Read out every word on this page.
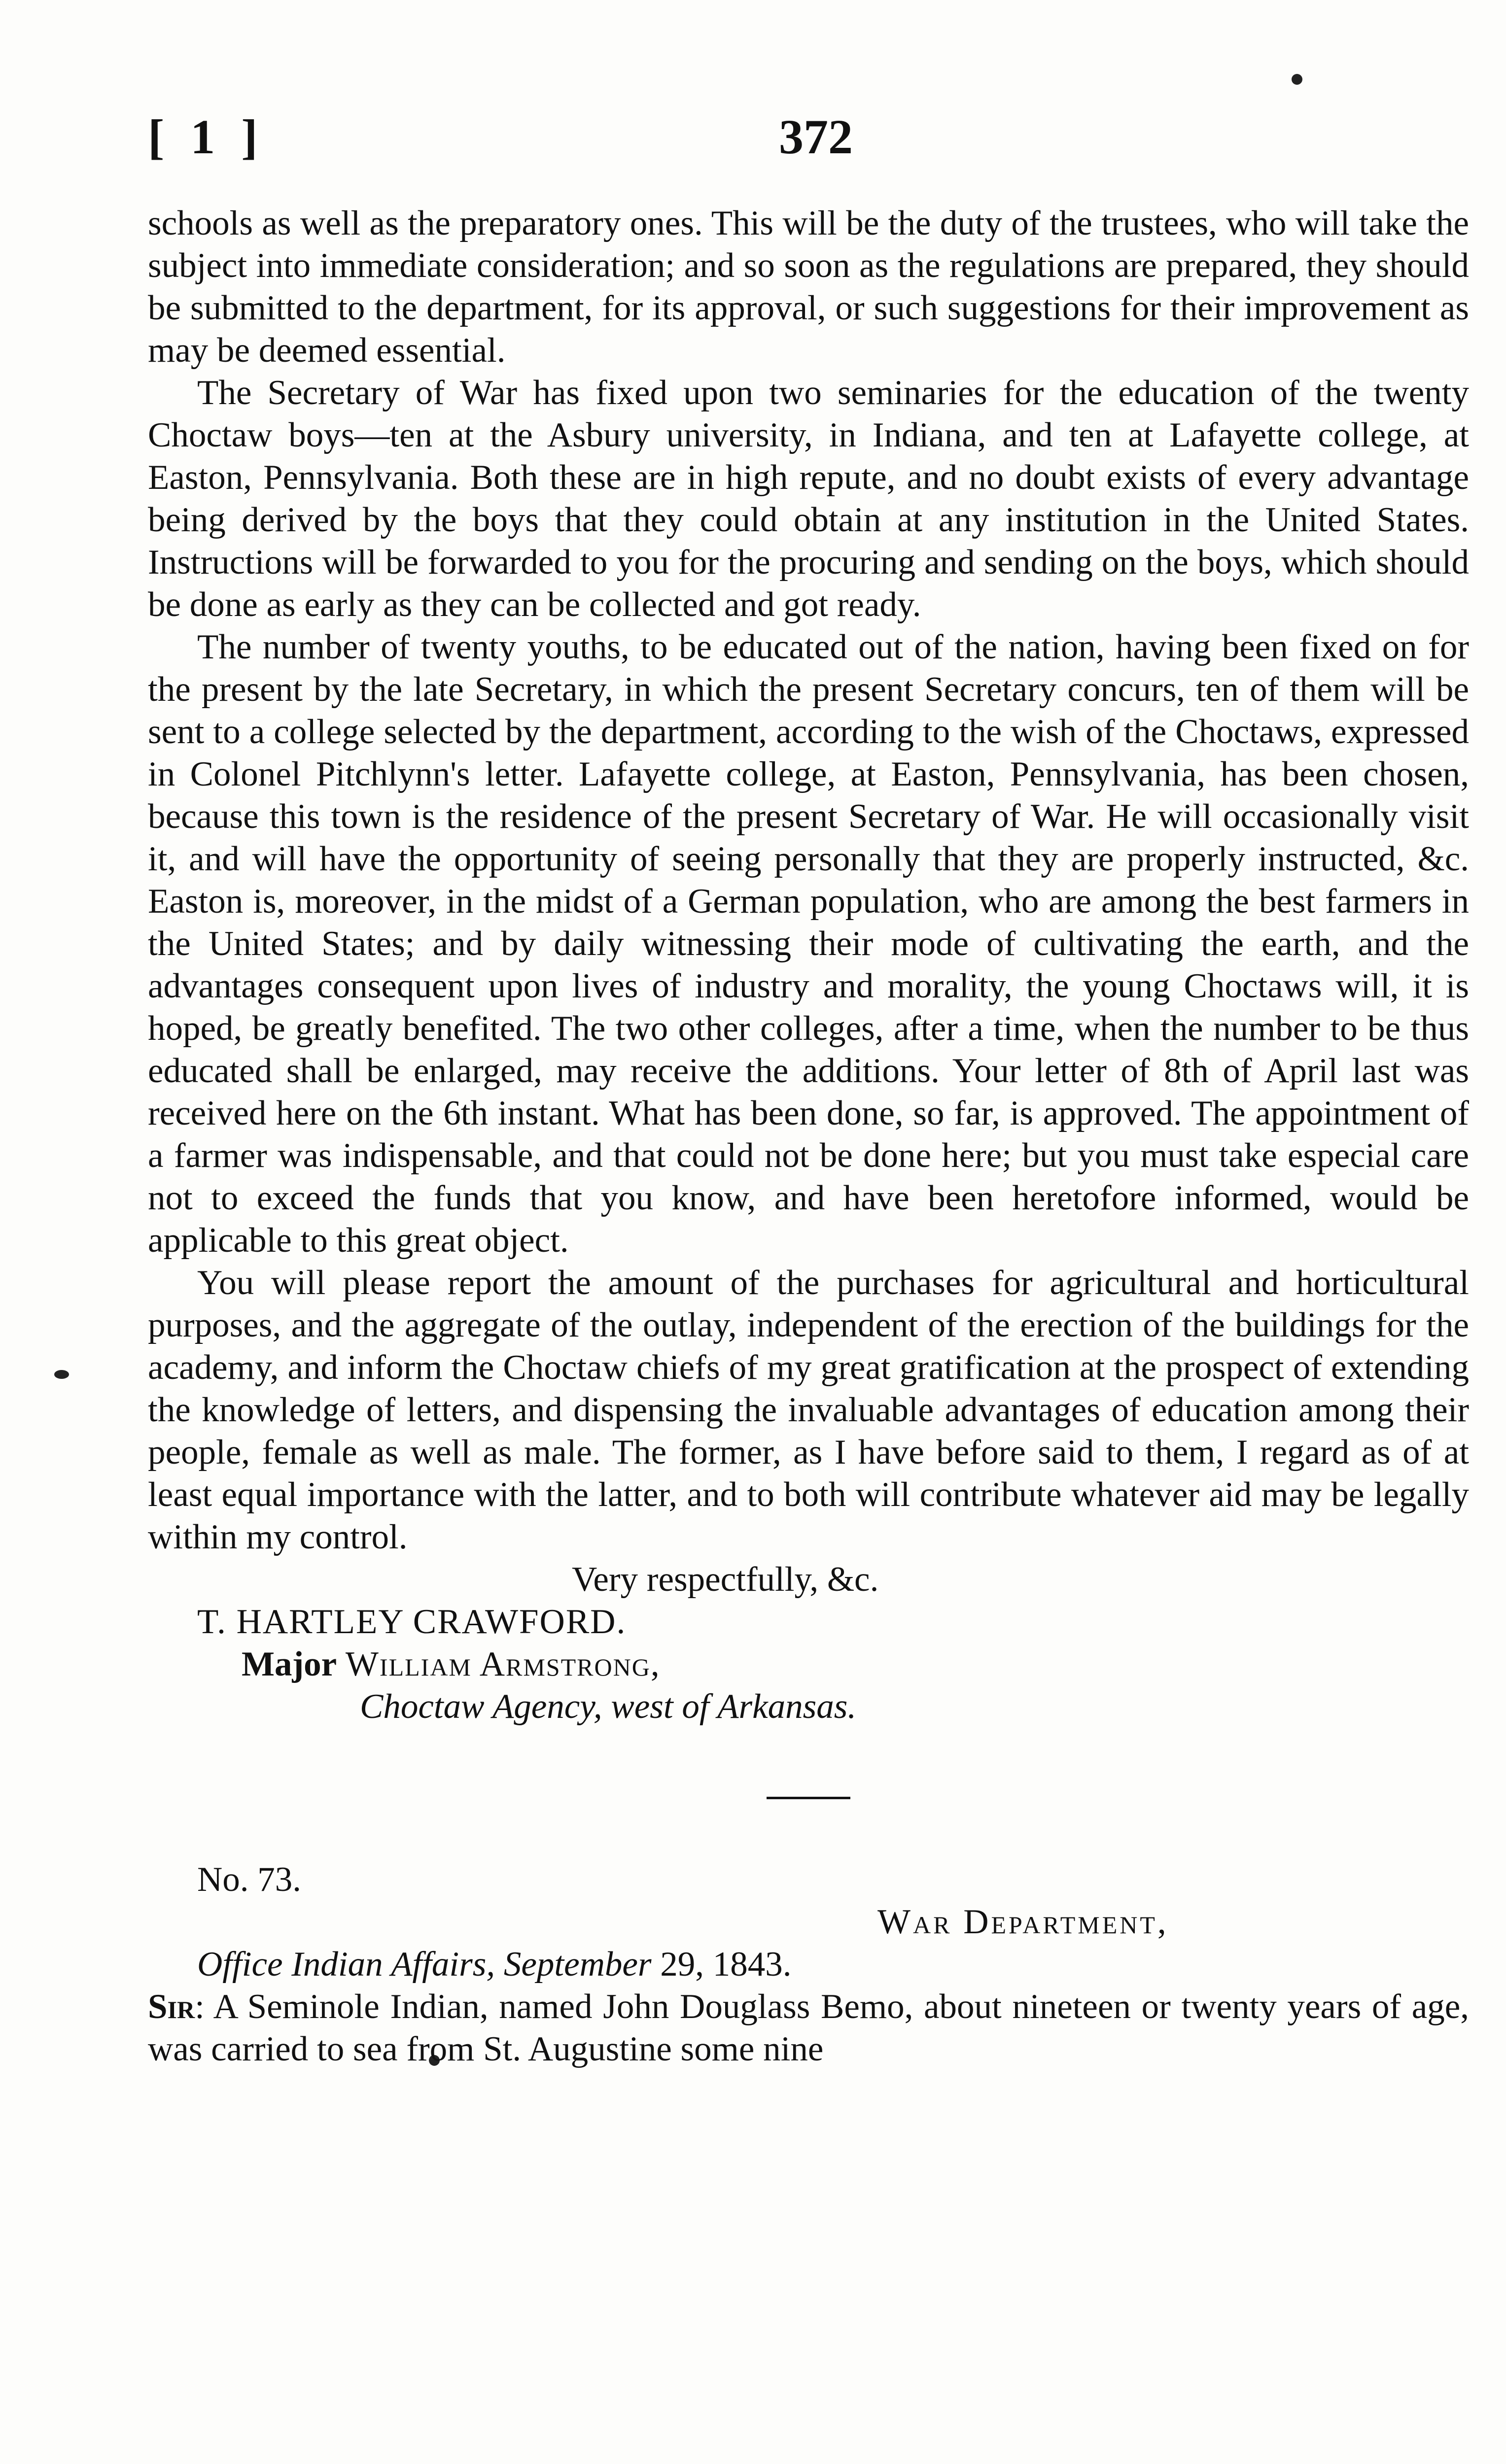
[ 1 ]	372

schools as well as the preparatory ones. This will be the duty of the trustees, who will take the subject into immediate consideration; and so soon as the regulations are prepared, they should be submitted to the department, for its approval, or such suggestions for their improvement as may be deemed essential.

The Secretary of War has fixed upon two seminaries for the education of the twenty Choctaw boys—ten at the Asbury university, in Indiana, and ten at Lafayette college, at Easton, Pennsylvania. Both these are in high repute, and no doubt exists of every advantage being derived by the boys that they could obtain at any institution in the United States. Instructions will be forwarded to you for the procuring and sending on the boys, which should be done as early as they can be collected and got ready.

The number of twenty youths, to be educated out of the nation, having been fixed on for the present by the late Secretary, in which the present Secretary concurs, ten of them will be sent to a college selected by the department, according to the wish of the Choctaws, expressed in Colonel Pitchlynn's letter. Lafayette college, at Easton, Pennsylvania, has been chosen, because this town is the residence of the present Secretary of War. He will occasionally visit it, and will have the opportunity of seeing personally that they are properly instructed, &c. Easton is, moreover, in the midst of a German population, who are among the best farmers in the United States; and by daily witnessing their mode of cultivating the earth, and the advantages consequent upon lives of industry and morality, the young Choctaws will, it is hoped, be greatly benefited. The two other colleges, after a time, when the number to be thus educated shall be enlarged, may receive the additions. Your letter of 8th of April last was received here on the 6th instant. What has been done, so far, is approved. The appointment of a farmer was indispensable, and that could not be done here; but you must take especial care not to exceed the funds that you know, and have been heretofore informed, would be applicable to this great object.

You will please report the amount of the purchases for agricultural and horticultural purposes, and the aggregate of the outlay, independent of the erection of the buildings for the academy, and inform the Choctaw chiefs of my great gratification at the prospect of extending the knowledge of letters, and dispensing the invaluable advantages of education among their people, female as well as male. The former, as I have before said to them, I regard as of at least equal importance with the latter, and to both will contribute whatever aid may be legally within my control.

Very respectfully, &c.

T. HARTLEY CRAWFORD.

Major William Armstrong,

Choctaw Agency, west of Arkansas.

No. 73.

War Department,

Office Indian Affairs, September 29, 1843.

Sir: A Seminole Indian, named John Douglass Bemo, about nineteen or twenty years of age, was carried to sea from St. Augustine some nine
